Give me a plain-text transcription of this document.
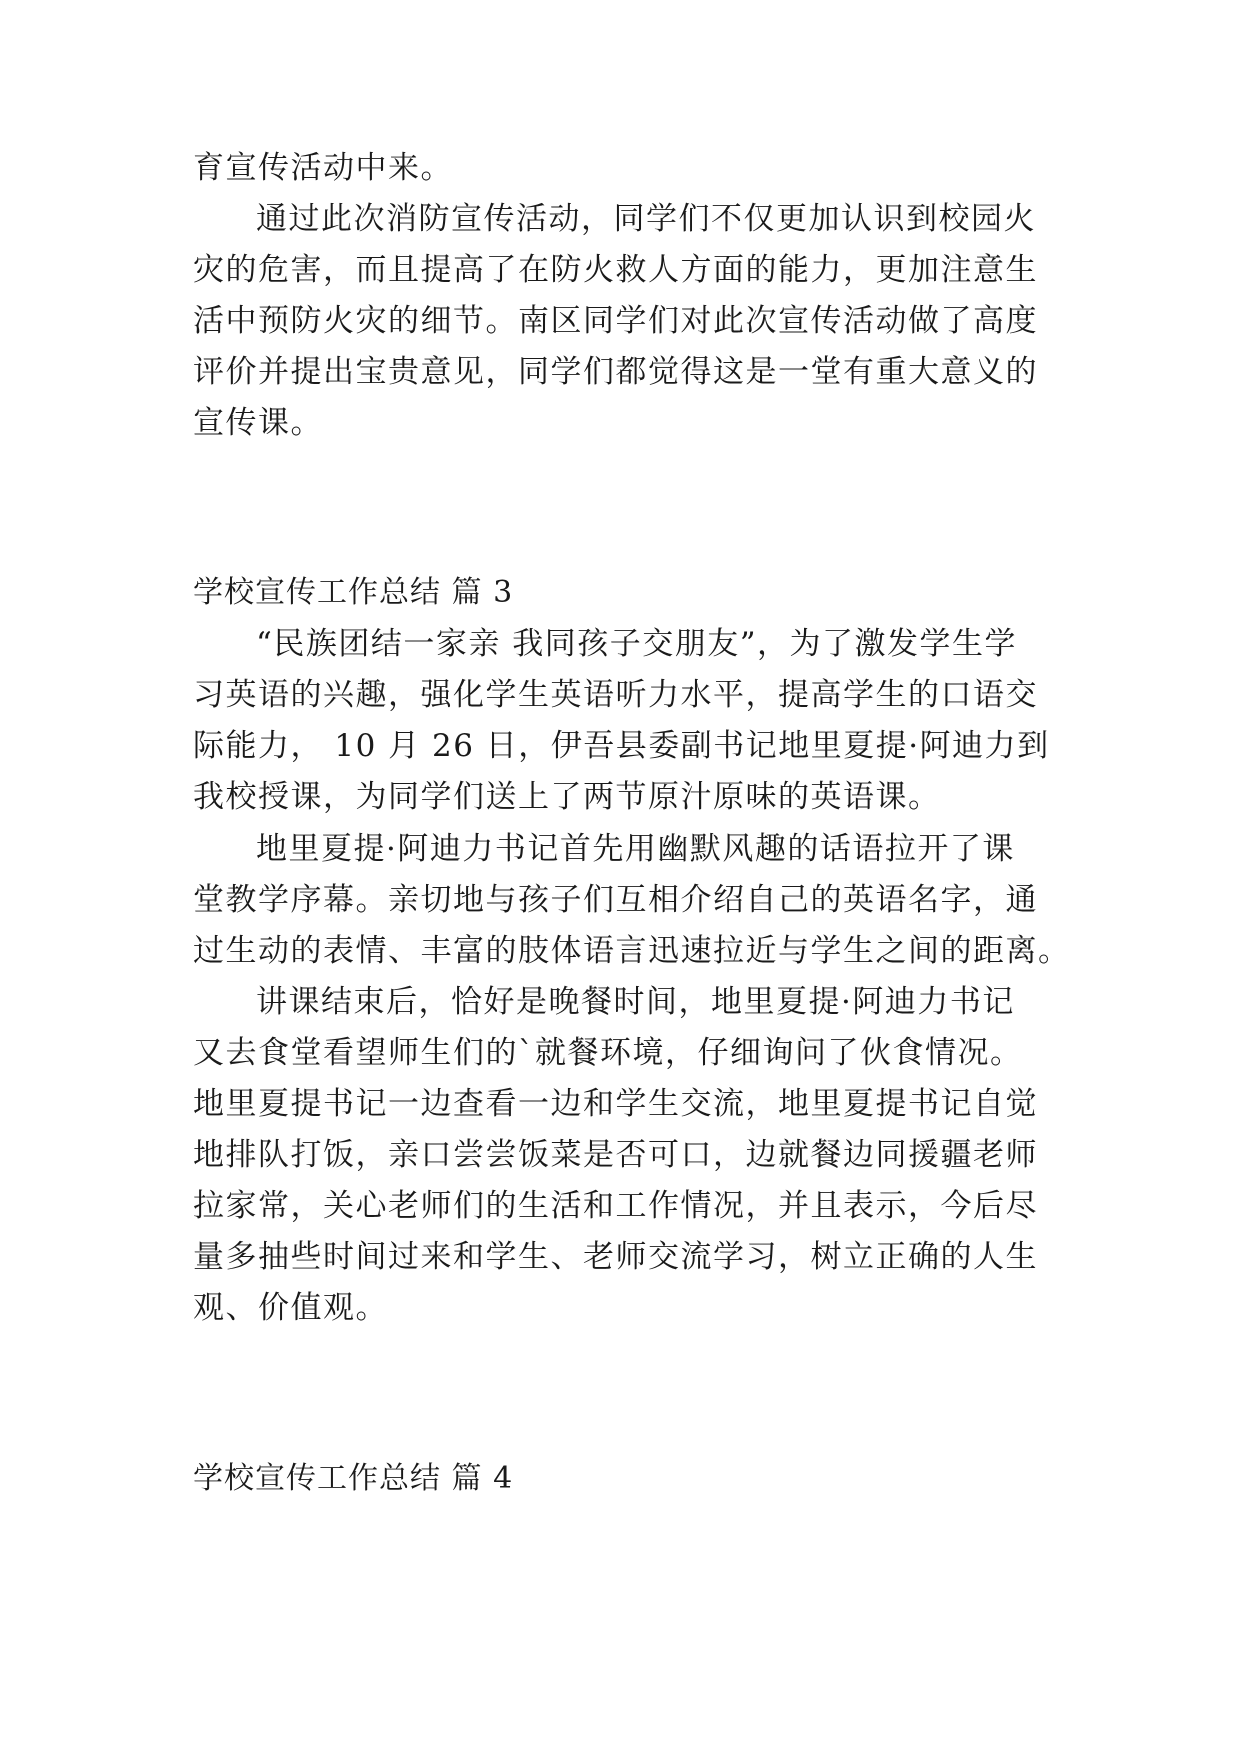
育宣传活动中来。
通过此次消防宣传活动，同学们不仅更加认识到校园火
灾的危害，而且提高了在防火救人方面的能力，更加注意生
活中预防火灾的细节。南区同学们对此次宣传活动做了高度
评价并提出宝贵意见，同学们都觉得这是一堂有重大意义的
宣传课。
学校宣传工作总结 篇 3
“民族团结一家亲 我同孩子交朋友”，为了激发学生学
习英语的兴趣，强化学生英语听力水平，提高学生的口语交
际能力， 10 月 26 日，伊吾县委副书记地里夏提·阿迪力到
我校授课，为同学们送上了两节原汁原味的英语课。
地里夏提·阿迪力书记首先用幽默风趣的话语拉开了课
堂教学序幕。亲切地与孩子们互相介绍自己的英语名字，通
过生动的表情、丰富的肢体语言迅速拉近与学生之间的距离。
讲课结束后，恰好是晚餐时间，地里夏提·阿迪力书记
又去食堂看望师生们的`就餐环境，仔细询问了伙食情况。
地里夏提书记一边查看一边和学生交流，地里夏提书记自觉
地排队打饭，亲口尝尝饭菜是否可口，边就餐边同援疆老师
拉家常，关心老师们的生活和工作情况，并且表示，今后尽
量多抽些时间过来和学生、老师交流学习，树立正确的人生
观、价值观。
学校宣传工作总结 篇 4
